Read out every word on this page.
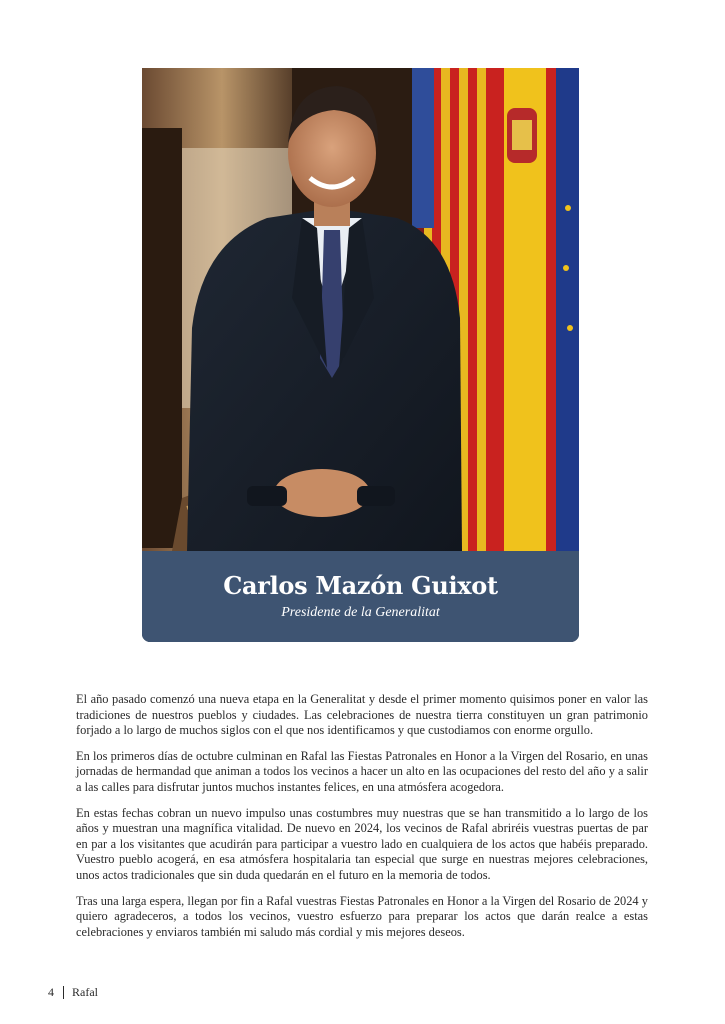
Carlos Mazón Guixot
Presidente de la Generalitat

El año pasado comenzó una nueva etapa en la Generalitat y desde el primer momento quisimos poner en valor las tradiciones de nuestros pueblos y ciudades. Las celebraciones de nuestra tierra constituyen un gran patrimonio forjado a lo largo de muchos siglos con el que nos identificamos y que custodiamos con enorme orgullo.

En los primeros días de octubre culminan en Rafal las Fiestas Patronales en Honor a la Virgen del Rosario, en unas jornadas de hermandad que animan a todos los vecinos a hacer un alto en las ocupaciones del resto del año y a salir a las calles para disfrutar juntos muchos instantes felices, en una atmósfera acogedora.

En estas fechas cobran un nuevo impulso unas costumbres muy nuestras que se han transmitido a lo largo de los años y muestran una magnífica vitalidad. De nuevo en 2024, los vecinos de Rafal abriréis vuestras puertas de par en par a los visitantes que acudirán para participar a vuestro lado en cualquiera de los actos que habéis preparado. Vuestro pueblo acogerá, en esa atmósfera hospitalaria tan especial que surge en nuestras mejores celebraciones, unos actos tradicionales que sin duda quedarán en el futuro en la memoria de todos.

Tras una larga espera, llegan por fin a Rafal vuestras Fiestas Patronales en Honor a la Virgen del Rosario de 2024 y quiero agradeceros, a todos los vecinos, vuestro esfuerzo para preparar los actos que darán realce a estas celebraciones y enviaros también mi saludo más cordial y mis mejores deseos.

4 Rafal
